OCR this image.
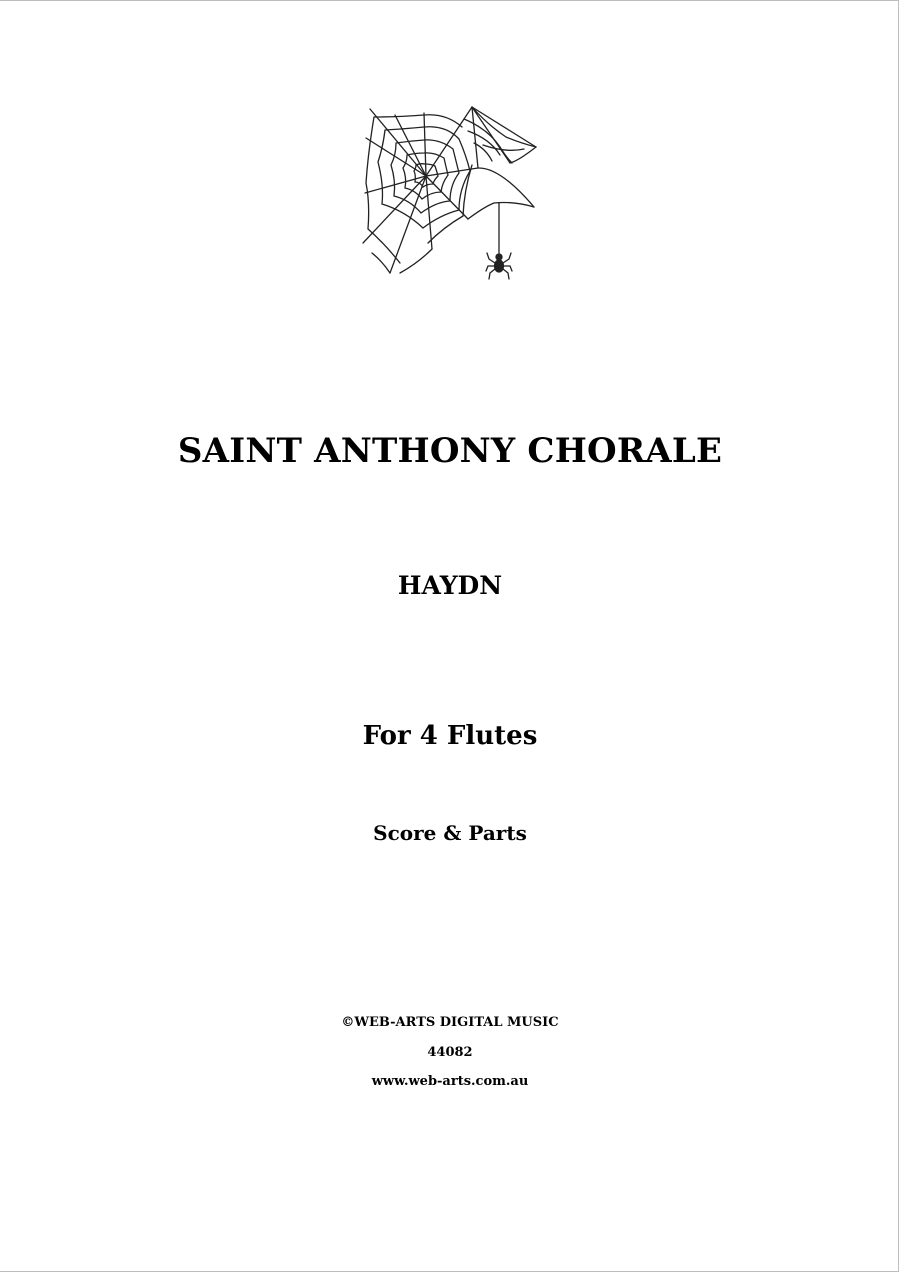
SAINT ANTHONY CHORALE
HAYDN
For 4 Flutes
Score & Parts
©WEB-ARTS DIGITAL MUSIC
44082
www.web-arts.com.au
